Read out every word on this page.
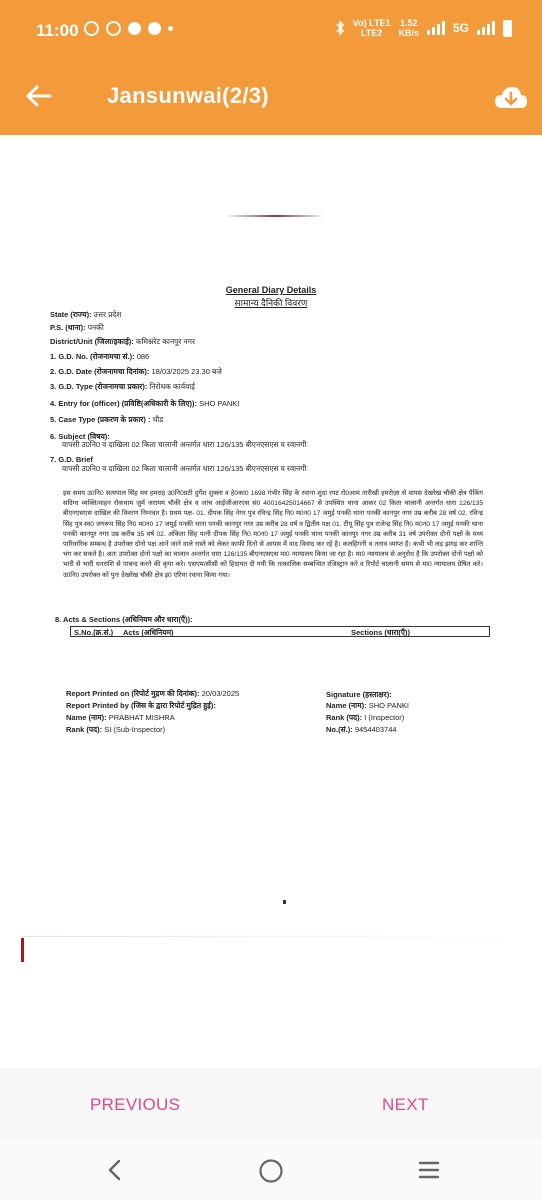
11:00	Vo) LTE1
LTE2
1.52
KB/s	5G
Jansunwai(2/3)
General Diary Details
सामान्य दैनिकी विवरण
State (राज्य): उत्तर प्रदेश
P.S. (थाना): पनकी
District/Unit (जिला/इकाई): कमिश्नरेट कानपुर नगर
1. G.D. No. (रोजनामचा सं.): 086
2. G.D. Date (रोजनामचा दिनांक): 18/03/2025 23.30 बजे
3. G.D. Type (रोजनामचा प्रकार): निरोधक कार्यवाई
4. Entry for (officer) (प्रविष्टि(अधिकारी के लिए)): SHO PANKI
5. Case Type (प्रकरण के प्रकार) : चौड
6. Subject (विषय):
वापसी उ0नि0 व दाखिला 02 किता चालानी अन्तर्गत धारा 126/135 बीएनएसएस व रवानगी
7. G.D. Brief
वापसी उ0नि0 व दाखिला 02 किता चालानी अन्तर्गत धारा 126/135 बीएनएसएस व रवानगी
इस समय उ0नि0 सत्यपाल सिंह मय हमराह उ0नि0प्रटी दुर्गेश शुक्ला व हे0का0 1698 गंभीर सिंह के रवाना शुदा रपट रो0आम तारीखी हमरोज़ा से वापस देखरेख चौकी क्षेत्र पैकिंग सदिग्ध व्यक्ति/वाहन रोकथाम जुर्म जरायम चौकी क्षेत्र व जांच आईजीआरएस सं0 40016425014667 से उपस्थित थाना आकर 02 किता चालानी अन्तर्गत धारा 126/135 बीएनएसएस दाखिल की विवरण निम्नवत है। प्रथम पक्ष- 01. दीपक सिंह नेगर पुत्र रविन्द्र सिंह नि0 म0न0 17 जमुई पनकी थाना पनकी कानपुर नगर उम्र करीब 28 वर्ष 02. रविन्द्र सिंह पुत्र स्व0 जगरूप सिंह नि0 म0न0 17 जमुई पनकी थाना पनकी कानपुर नगर उम्र करीब 28 वर्ष व द्वितीय पक्ष 01. टीपू सिंह पुत्र राजेन्द्र सिंह नि0 म0न0 17 जमुई पनकी थाना पनकी कानपुर नगर उम्र करीब 35 वर्ष 02. अंकिता सिंह पत्नी दीपक सिंह नि0 म0न0 17 जमुई पनकी थाना पनकी कानपुर नगर उम्र करीब 31 वर्ष उपरोक्त दोनो पक्षो के मध्य पारिवारिक सम्बन्ध है उपरोक्त दोनो पक्ष आने जाने वाले रास्ते को लेकर काफी दिनो से आपस में वाद विवाद कर रहे है। कलहिगनी व तनाव व्याप्त है। कभी भी लड़ झगड़ कर शान्ति भंग कर सकते है। अतः उपरोक्त दोनो पक्षो का चालान अन्तर्गत धारा 126/135 बीएनएसएस मा0 न्यायालय किया जा रहा है। मा0 न्यायालय से अनुरोध है कि उपरोक्त दोनो पक्षो को भारी से भारी धनराशि से पाबन्द करने की कृपा करे। एसएम/सीसी को हिदायत दी गयी कि तत्कालिक सम्बन्धित रजिस्ट्रान करे व रिपोर्ट चालानी समय से मा0 न्यायालय प्रेषित करे। उ0नि0 उपरोक्त को पुनः देखरेख चौकी क्षेत्र इ0 एरिया रवाना किया गया।
8. Acts & Sections (अधिनियम और धारा(एँ)):
S.No.(क्र.सं.) Acts (अधिनियम)	Sections (धारा(एँ))
Report Printed on (रिपोर्ट मुद्रण की दिनांक): 20/03/2025
Report Printed by (जिस के द्वारा रिपोर्ट मुद्रित हुई):
Name (नाम): PRABHAT MISHRA
Rank (पद): SI (Sub-Inspector)
Signature (हस्ताक्षर):
Name (नाम): SHO PANKI
Rank (पद): I (Inspector)
No.(सं.): 9454403744
PREVIOUS	NEXT
